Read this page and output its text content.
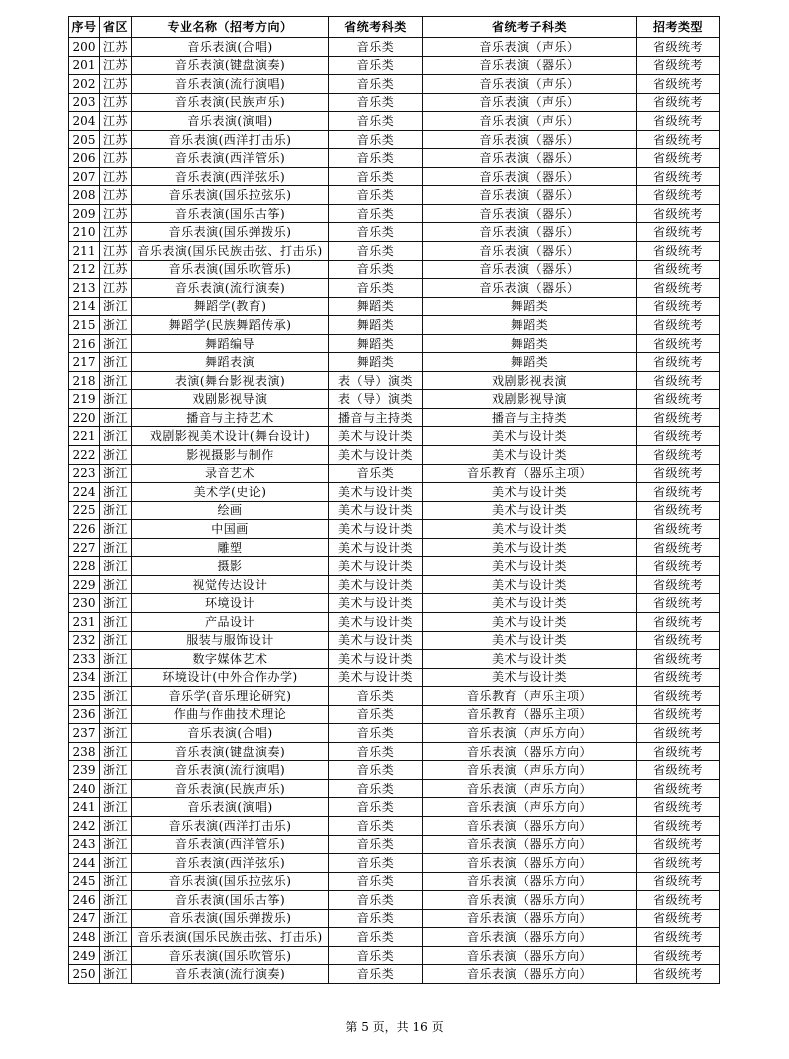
序号	省区	专业名称（招考方向）	省统考科类	省统考子科类	招考类型
200	江苏	音乐表演(合唱)	音乐类	音乐表演（声乐）	省级统考
201	江苏	音乐表演(键盘演奏)	音乐类	音乐表演（器乐）	省级统考
202	江苏	音乐表演(流行演唱)	音乐类	音乐表演（声乐）	省级统考
203	江苏	音乐表演(民族声乐)	音乐类	音乐表演（声乐）	省级统考
204	江苏	音乐表演(演唱)	音乐类	音乐表演（声乐）	省级统考
205	江苏	音乐表演(西洋打击乐)	音乐类	音乐表演（器乐）	省级统考
206	江苏	音乐表演(西洋管乐)	音乐类	音乐表演（器乐）	省级统考
207	江苏	音乐表演(西洋弦乐)	音乐类	音乐表演（器乐）	省级统考
208	江苏	音乐表演(国乐拉弦乐)	音乐类	音乐表演（器乐）	省级统考
209	江苏	音乐表演(国乐古筝)	音乐类	音乐表演（器乐）	省级统考
210	江苏	音乐表演(国乐弹拨乐)	音乐类	音乐表演（器乐）	省级统考
211	江苏	音乐表演(国乐民族击弦、打击乐)	音乐类	音乐表演（器乐）	省级统考
212	江苏	音乐表演(国乐吹管乐)	音乐类	音乐表演（器乐）	省级统考
213	江苏	音乐表演(流行演奏)	音乐类	音乐表演（器乐）	省级统考
214	浙江	舞蹈学(教育)	舞蹈类	舞蹈类	省级统考
215	浙江	舞蹈学(民族舞蹈传承)	舞蹈类	舞蹈类	省级统考
216	浙江	舞蹈编导	舞蹈类	舞蹈类	省级统考
217	浙江	舞蹈表演	舞蹈类	舞蹈类	省级统考
218	浙江	表演(舞台影视表演)	表（导）演类	戏剧影视表演	省级统考
219	浙江	戏剧影视导演	表（导）演类	戏剧影视导演	省级统考
220	浙江	播音与主持艺术	播音与主持类	播音与主持类	省级统考
221	浙江	戏剧影视美术设计(舞台设计)	美术与设计类	美术与设计类	省级统考
222	浙江	影视摄影与制作	美术与设计类	美术与设计类	省级统考
223	浙江	录音艺术	音乐类	音乐教育（器乐主项）	省级统考
224	浙江	美术学(史论)	美术与设计类	美术与设计类	省级统考
225	浙江	绘画	美术与设计类	美术与设计类	省级统考
226	浙江	中国画	美术与设计类	美术与设计类	省级统考
227	浙江	雕塑	美术与设计类	美术与设计类	省级统考
228	浙江	摄影	美术与设计类	美术与设计类	省级统考
229	浙江	视觉传达设计	美术与设计类	美术与设计类	省级统考
230	浙江	环境设计	美术与设计类	美术与设计类	省级统考
231	浙江	产品设计	美术与设计类	美术与设计类	省级统考
232	浙江	服装与服饰设计	美术与设计类	美术与设计类	省级统考
233	浙江	数字媒体艺术	美术与设计类	美术与设计类	省级统考
234	浙江	环境设计(中外合作办学)	美术与设计类	美术与设计类	省级统考
235	浙江	音乐学(音乐理论研究)	音乐类	音乐教育（声乐主项）	省级统考
236	浙江	作曲与作曲技术理论	音乐类	音乐教育（器乐主项）	省级统考
237	浙江	音乐表演(合唱)	音乐类	音乐表演（声乐方向）	省级统考
238	浙江	音乐表演(键盘演奏)	音乐类	音乐表演（器乐方向）	省级统考
239	浙江	音乐表演(流行演唱)	音乐类	音乐表演（声乐方向）	省级统考
240	浙江	音乐表演(民族声乐)	音乐类	音乐表演（声乐方向）	省级统考
241	浙江	音乐表演(演唱)	音乐类	音乐表演（声乐方向）	省级统考
242	浙江	音乐表演(西洋打击乐)	音乐类	音乐表演（器乐方向）	省级统考
243	浙江	音乐表演(西洋管乐)	音乐类	音乐表演（器乐方向）	省级统考
244	浙江	音乐表演(西洋弦乐)	音乐类	音乐表演（器乐方向）	省级统考
245	浙江	音乐表演(国乐拉弦乐)	音乐类	音乐表演（器乐方向）	省级统考
246	浙江	音乐表演(国乐古筝)	音乐类	音乐表演（器乐方向）	省级统考
247	浙江	音乐表演(国乐弹拨乐)	音乐类	音乐表演（器乐方向）	省级统考
248	浙江	音乐表演(国乐民族击弦、打击乐)	音乐类	音乐表演（器乐方向）	省级统考
249	浙江	音乐表演(国乐吹管乐)	音乐类	音乐表演（器乐方向）	省级统考
250	浙江	音乐表演(流行演奏)	音乐类	音乐表演（器乐方向）	省级统考
第 5 页，共 16 页
